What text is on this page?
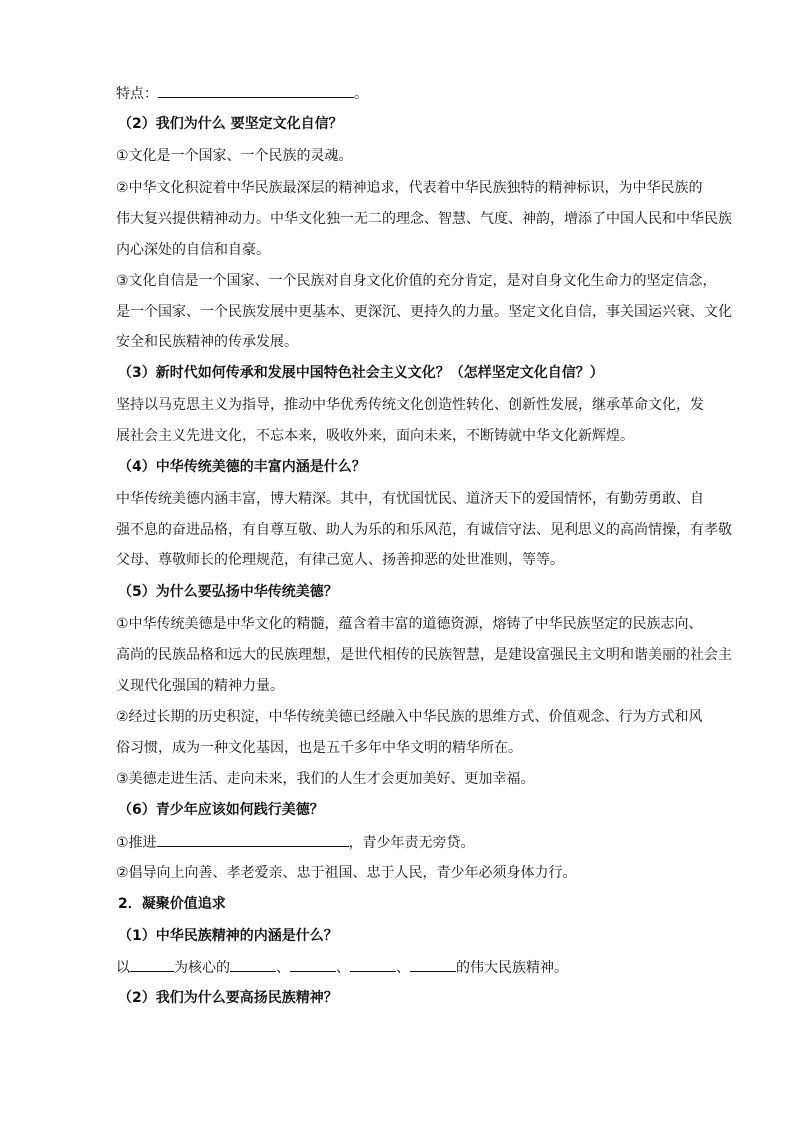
特点：	。
（2）我们为什么 要坚定文化自信？
①文化是一个国家、一个民族的灵魂。
②中华文化积淀着中华民族最深层的精神追求，代表着中华民族独特的精神标识，为中华民族的
伟大复兴提供精神动力。中华文化独一无二的理念、智慧、气度、神韵，增添了中国人民和中华民族
内心深处的自信和自豪。
③文化自信是一个国家、一个民族对自身文化价值的充分肯定，是对自身文化生命力的坚定信念，
是一个国家、一个民族发展中更基本、更深沉、更持久的力量。坚定文化自信，事关国运兴衰、文化
安全和民族精神的传承发展。
（3）新时代如何传承和发展中国特色社会主义文化？（怎样坚定文化自信？）
坚持以马克思主义为指导，推动中华优秀传统文化创造性转化、创新性发展，继承革命文化，发
展社会主义先进文化，不忘本来，吸收外来，面向未来，不断铸就中华文化新辉煌。
（4）中华传统美德的丰富内涵是什么？
中华传统美德内涵丰富，博大精深。其中，有忧国忧民、道济天下的爱国情怀，有勤劳勇敢、自
强不息的奋进品格，有自尊互敬、助人为乐的和乐风范，有诚信守法、见利思义的高尚情操，有孝敬
父母、尊敬师长的伦理规范，有律己宽人、扬善抑恶的处世准则，等等。
（5）为什么要弘扬中华传统美德？
①中华传统美德是中华文化的精髓，蕴含着丰富的道德资源，熔铸了中华民族坚定的民族志向、
高尚的民族品格和远大的民族理想，是世代相传的民族智慧，是建设富强民主文明和谐美丽的社会主
义现代化强国的精神力量。
②经过长期的历史积淀，中华传统美德已经融入中华民族的思维方式、价值观念、行为方式和风
俗习惯，成为一种文化基因，也是五千多年中华文明的精华所在。
③美德走进生活、走向未来，我们的人生才会更加美好、更加幸福。
（6）青少年应该如何践行美德？
①推进	，青少年责无旁贷。
②倡导向上向善、孝老爱亲、忠于祖国、忠于人民，青少年必须身体力行。
2．凝聚价值追求
（1）中华民族精神的内涵是什么？
以	为核心的	、	、	、	的伟大民族精神。
（2）我们为什么要高扬民族精神？
